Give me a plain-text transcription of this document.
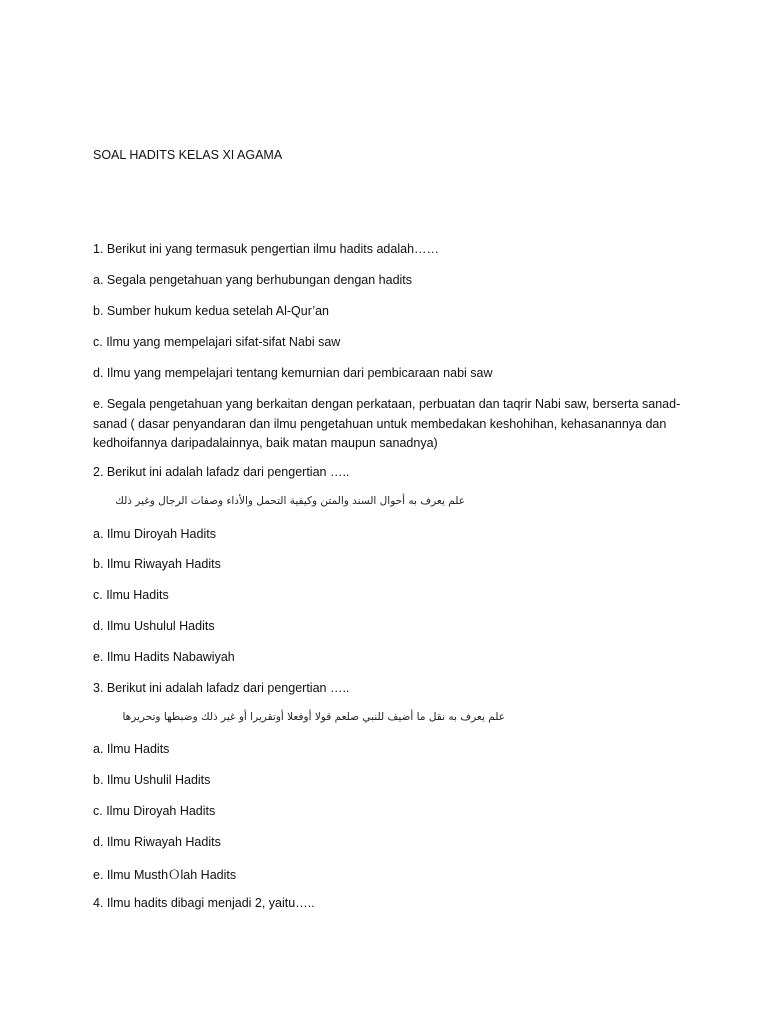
SOAL HADITS KELAS XI AGAMA
1. Berikut ini yang termasuk pengertian ilmu hadits adalah……
a. Segala pengetahuan yang berhubungan dengan hadits
b. Sumber hukum kedua setelah Al-Qur’an
c. Ilmu yang mempelajari sifat-sifat Nabi saw
d. Ilmu yang mempelajari tentang kemurnian dari pembicaraan nabi saw
e. Segala pengetahuan yang berkaitan dengan perkataan, perbuatan dan taqrir Nabi saw, berserta sanad-sanad ( dasar penyandaran dan ilmu pengetahuan untuk membedakan keshohihan, kehasanannya dan kedhoifannya daripadalainnya, baik matan maupun sanadnya)
2. Berikut ini adalah lafadz dari pengertian …..
علم يعرف به أحوال السند والمتن وكيفية التحمل والأداء وصفات الرجال وغير ذلك
a. Ilmu Diroyah Hadits
b. Ilmu Riwayah Hadits
c. Ilmu Hadits
d. Ilmu Ushulul Hadits
e. Ilmu Hadits Nabawiyah
3. Berikut ini adalah lafadz dari pengertian …..
علم يعرف به نقل ما أضيف للنبي صلعم قولا أوفعلا أوتقريرا أو غير ذلك وضبطها وتحريرها
a. Ilmu Hadits
b. Ilmu Ushulil Hadits
c. Ilmu Diroyah Hadits
d. Ilmu Riwayah Hadits
e. Ilmu MusthＯlah Hadits
4. Ilmu hadits dibagi menjadi 2, yaitu…..
